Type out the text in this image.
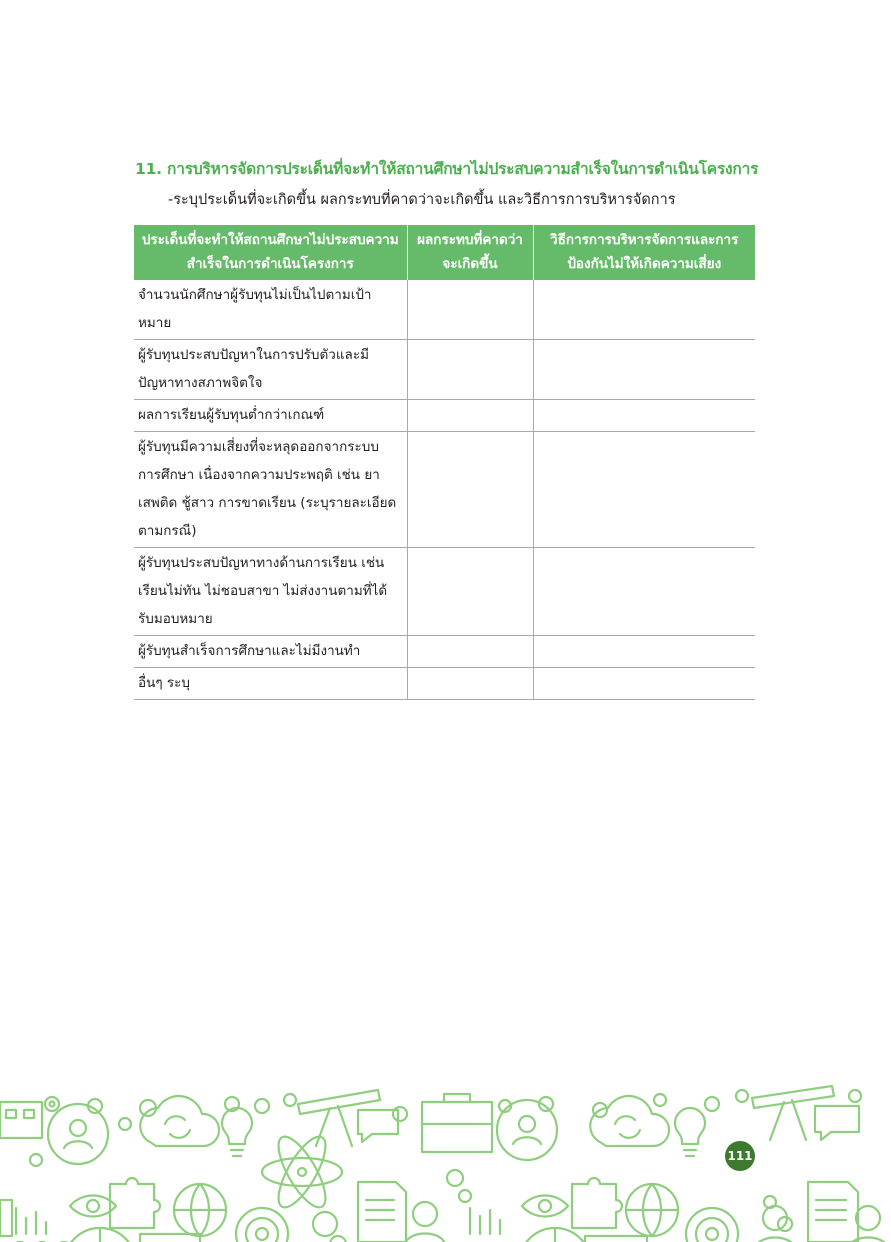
11. การบริหารจัดการประเด็นที่จะทำให้สถานศึกษาไม่ประสบความสำเร็จในการดำเนินโครงการ
-ระบุประเด็นที่จะเกิดขึ้น ผลกระทบที่คาดว่าจะเกิดขึ้น และวิธีการการบริหารจัดการ
ประเด็นที่จะทำให้สถานศึกษาไม่ประสบความสำเร็จในการดำเนินโครงการ	ผลกระทบที่คาดว่าจะเกิดขึ้น	วิธีการการบริหารจัดการและการป้องกันไม่ให้เกิดความเสี่ยง
จำนวนนักศึกษาผู้รับทุนไม่เป็นไปตามเป้าหมาย		
ผู้รับทุนประสบปัญหาในการปรับตัวและมีปัญหาทางสภาพจิตใจ		
ผลการเรียนผู้รับทุนต่ำกว่าเกณฑ์		
ผู้รับทุนมีความเสี่ยงที่จะหลุดออกจากระบบการศึกษา เนื่องจากความประพฤติ เช่น ยาเสพติด ชู้สาว การขาดเรียน (ระบุรายละเอียดตามกรณี)		
ผู้รับทุนประสบปัญหาทางด้านการเรียน เช่น เรียนไม่ทัน ไม่ชอบสาขา ไม่ส่งงานตามที่ได้รับมอบหมาย		
ผู้รับทุนสำเร็จการศึกษาและไม่มีงานทำ		
อื่นๆ ระบุ		
111
